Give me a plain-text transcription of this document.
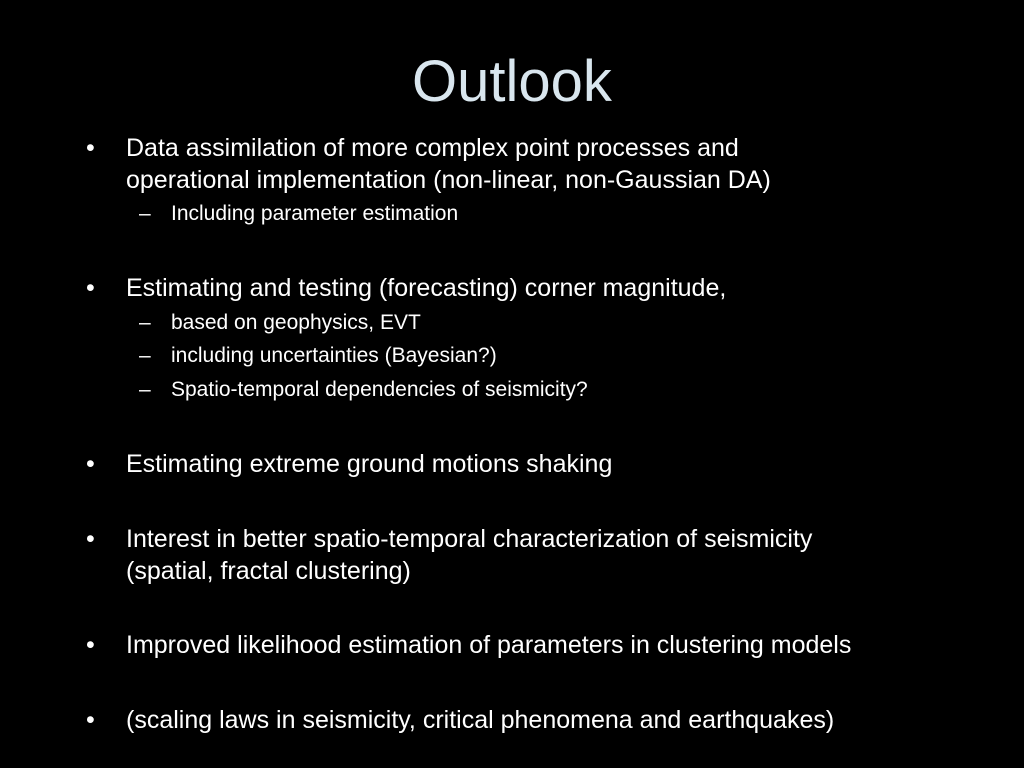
Outlook
•	Data assimilation of more complex point processes and
operational implementation (non-linear, non-Gaussian DA)
– Including parameter estimation
•	Estimating and testing (forecasting) corner magnitude,
– based on geophysics, EVT
– including uncertainties (Bayesian?)
– Spatio-temporal dependencies of seismicity?
•	Estimating extreme ground motions shaking
•	Interest in better spatio-temporal characterization of seismicity
(spatial, fractal clustering)
•	Improved likelihood estimation of parameters in clustering models
•	(scaling laws in seismicity, critical phenomena and earthquakes)
